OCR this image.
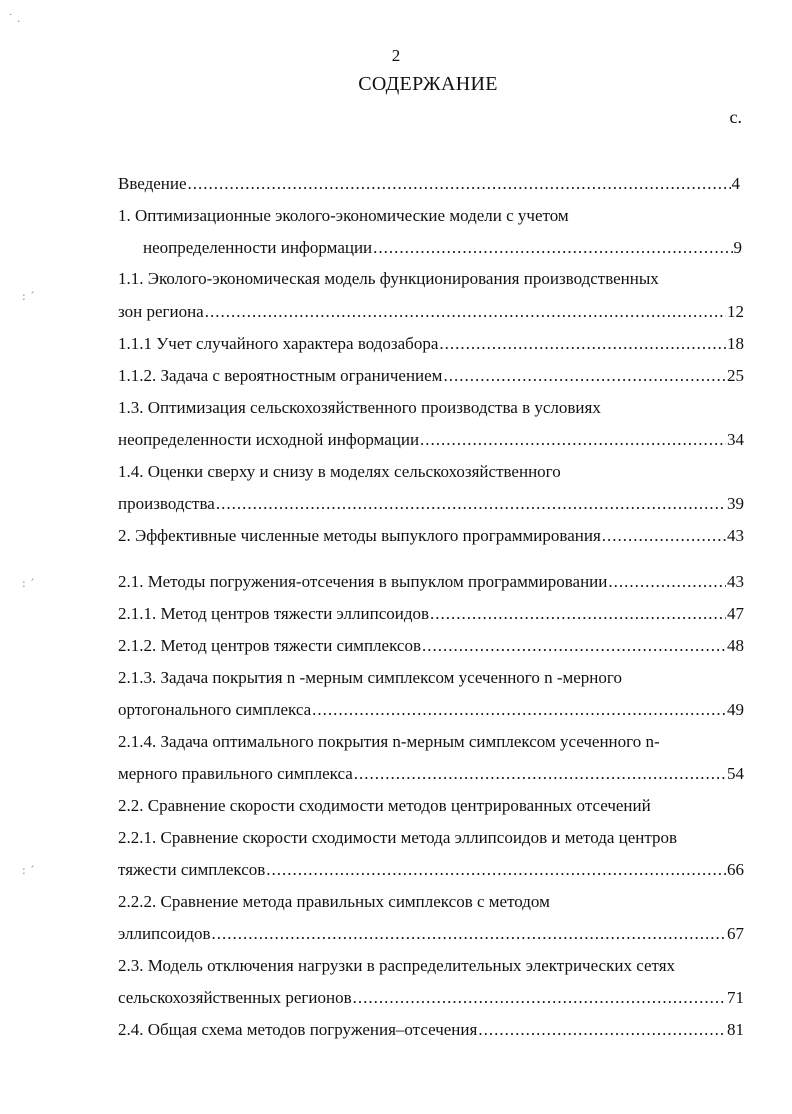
2
СОДЕРЖАНИЕ
с.
Введение .....	4
1. Оптимизационные эколого-экономические модели с учетом
неопределенности информации .....	9
1.1. Эколого-экономическая модель функционирования производственных
зон региона .....	12
1.1.1 Учет случайного характера водозабора .....	18
1.1.2. Задача с вероятностным ограничением .....	25
1.3. Оптимизация сельскохозяйственного производства в условиях
неопределенности исходной информации .....	34
1.4. Оценки сверху и снизу в моделях сельскохозяйственного
производства .....	39
2. Эффективные численные методы выпуклого программирования .....	43
2.1. Методы погружения-отсечения в выпуклом программировании .....	43
2.1.1. Метод центров тяжести эллипсоидов .....	47
2.1.2. Метод центров тяжести симплексов .....	48
2.1.3. Задача покрытия n -мерным симплексом усеченного n -мерного
ортогонального симплекса .....	49
2.1.4. Задача оптимального покрытия n-мерным симплексом усеченного n-
мерного правильного симплекса .....	54
2.2. Сравнение скорости сходимости методов центрированных отсечений
2.2.1. Сравнение скорости сходимости метода эллипсоидов и метода центров
тяжести симплексов .....	66
2.2.2. Сравнение метода правильных симплексов с методом
эллипсоидов .....	67
2.3. Модель отключения нагрузки в распределительных электрических сетях
сельскохозяйственных регионов .....	71
2.4. Общая схема методов погружения–отсечения .....	81
˙ .
: ´
: ´
: ´
